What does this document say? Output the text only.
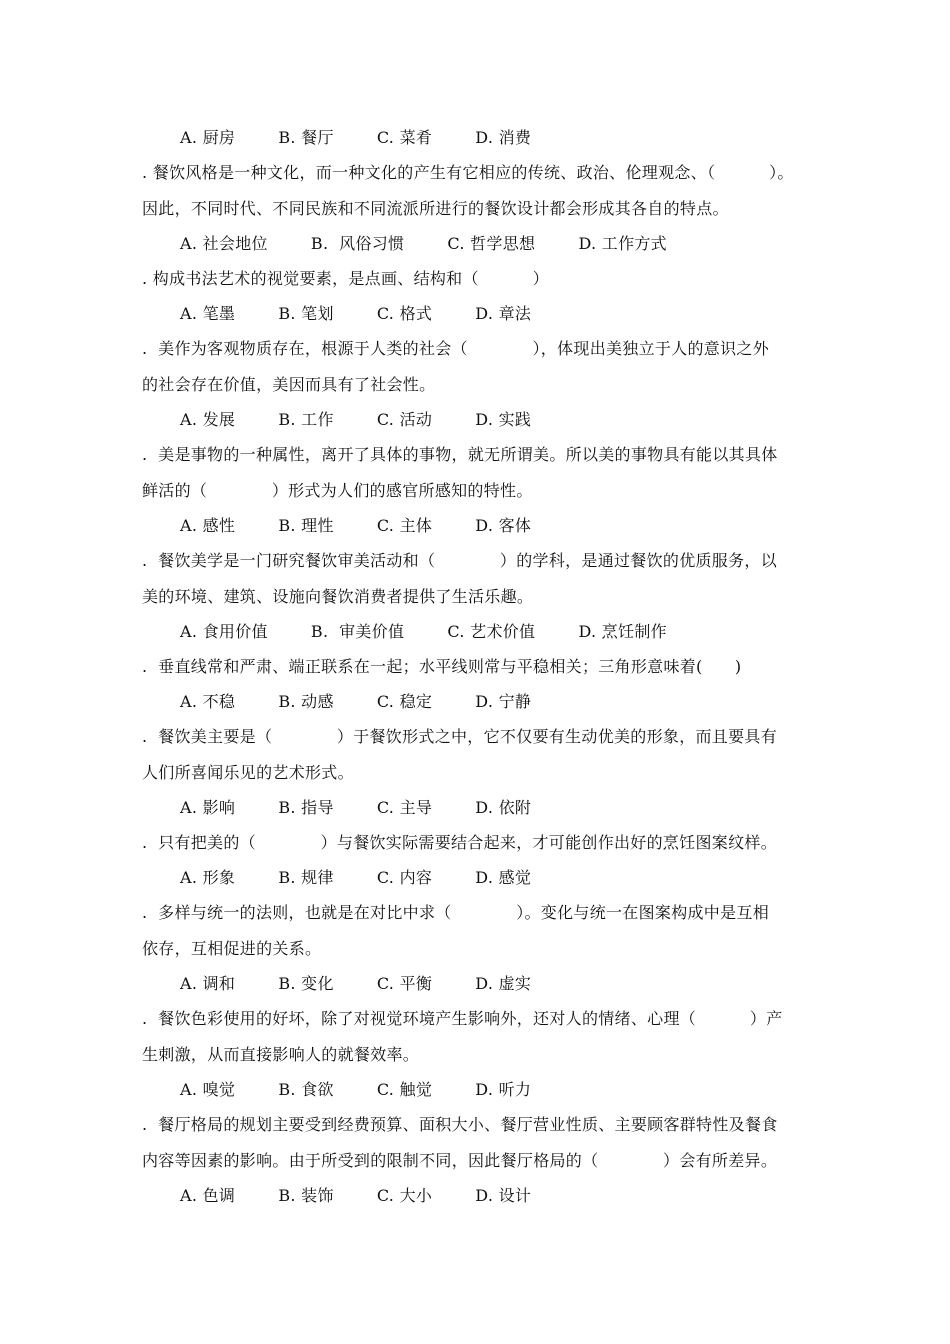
A. 厨房        B. 餐厅        C. 菜肴        D. 消费
. 餐饮风格是一种文化，而一种文化的产生有它相应的传统、政治、伦理观念、（          ）。
因此，不同时代、不同民族和不同流派所进行的餐饮设计都会形成其各自的特点。
A. 社会地位        B.  风俗习惯        C. 哲学思想        D. 工作方式
. 构成书法艺术的视觉要素，是点画、结构和（          ）
A. 笔墨        B. 笔划        C. 格式        D. 章法
.  美作为客观物质存在，根源于人类的社会（            ），体现出美独立于人的意识之外
的社会存在价值，美因而具有了社会性。
A. 发展        B. 工作        C. 活动        D. 实践
.  美是事物的一种属性，离开了具体的事物，就无所谓美。所以美的事物具有能以其具体
鲜活的（            ）形式为人们的感官所感知的特性。
A. 感性        B. 理性        C. 主体        D. 客体
.  餐饮美学是一门研究餐饮审美活动和（            ）的学科，是通过餐饮的优质服务，以
美的环境、建筑、设施向餐饮消费者提供了生活乐趣。
A. 食用价值        B.  审美价值        C. 艺术价值        D. 烹饪制作
.  垂直线常和严肃、端正联系在一起；水平线则常与平稳相关；三角形意味着(      )
A. 不稳        B. 动感        C. 稳定        D. 宁静
.  餐饮美主要是（            ）于餐饮形式之中，它不仅要有生动优美的形象，而且要具有
人们所喜闻乐见的艺术形式。
A. 影响        B. 指导        C. 主导        D. 依附
.  只有把美的（            ）与餐饮实际需要结合起来，才可能创作出好的烹饪图案纹样。
A. 形象        B. 规律        C. 内容        D. 感觉
.  多样与统一的法则，也就是在对比中求（            ）。变化与统一在图案构成中是互相
依存，互相促进的关系。
A. 调和        B. 变化        C. 平衡        D. 虚实
.  餐饮色彩使用的好坏，除了对视觉环境产生影响外，还对人的情绪、心理（          ）产
生刺激，从而直接影响人的就餐效率。
A. 嗅觉        B. 食欲        C. 触觉        D. 听力
.  餐厅格局的规划主要受到经费预算、面积大小、餐厅营业性质、主要顾客群特性及餐食
内容等因素的影响。由于所受到的限制不同，因此餐厅格局的（            ）会有所差异。
A. 色调        B. 装饰        C. 大小        D. 设计
